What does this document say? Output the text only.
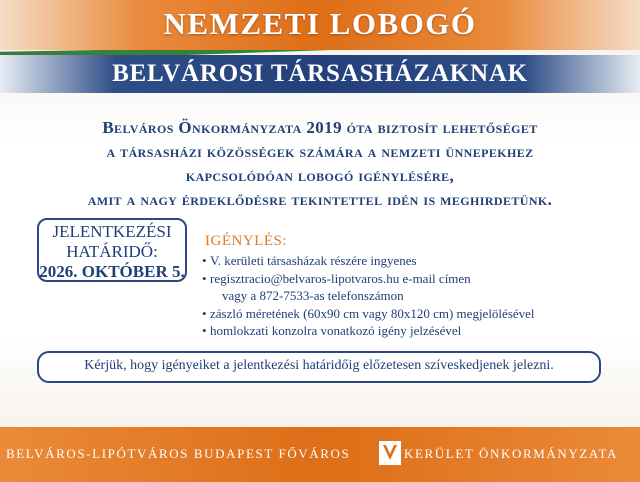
NEMZETI LOBOGÓ
BELVÁROSI TÁRSASHÁZAKNAK
Belváros Önkormányzata 2019 óta biztosít lehetőséget
a társasházi közösségek számára a nemzeti ünnepekhez
kapcsolódóan lobogó igénylésére,
amit a nagy érdeklődésre tekintettel idén is meghirdetünk.
IGÉNYLÉS:
• V. kerületi társasházak részére ingyenes
• regisztracio@belvaros-lipotvaros.hu e-mail címen
vagy a 872-7533-as telefonszámon
• zászló méretének (60x90 cm vagy 80x120 cm) megjelölésével
• homlokzati konzolra vonatkozó igény jelzésével
JELENTKEZÉSI
HATÁRIDŐ:
2026. OKTÓBER 5.
Kérjük, hogy igényeiket a jelentkezési határidőig előzetesen szíveskedjenek jelezni.
BELVÁROS-LIPÓTVÁROS BUDAPEST FŐVÁROS	KERÜLET ÖNKORMÁNYZATA
